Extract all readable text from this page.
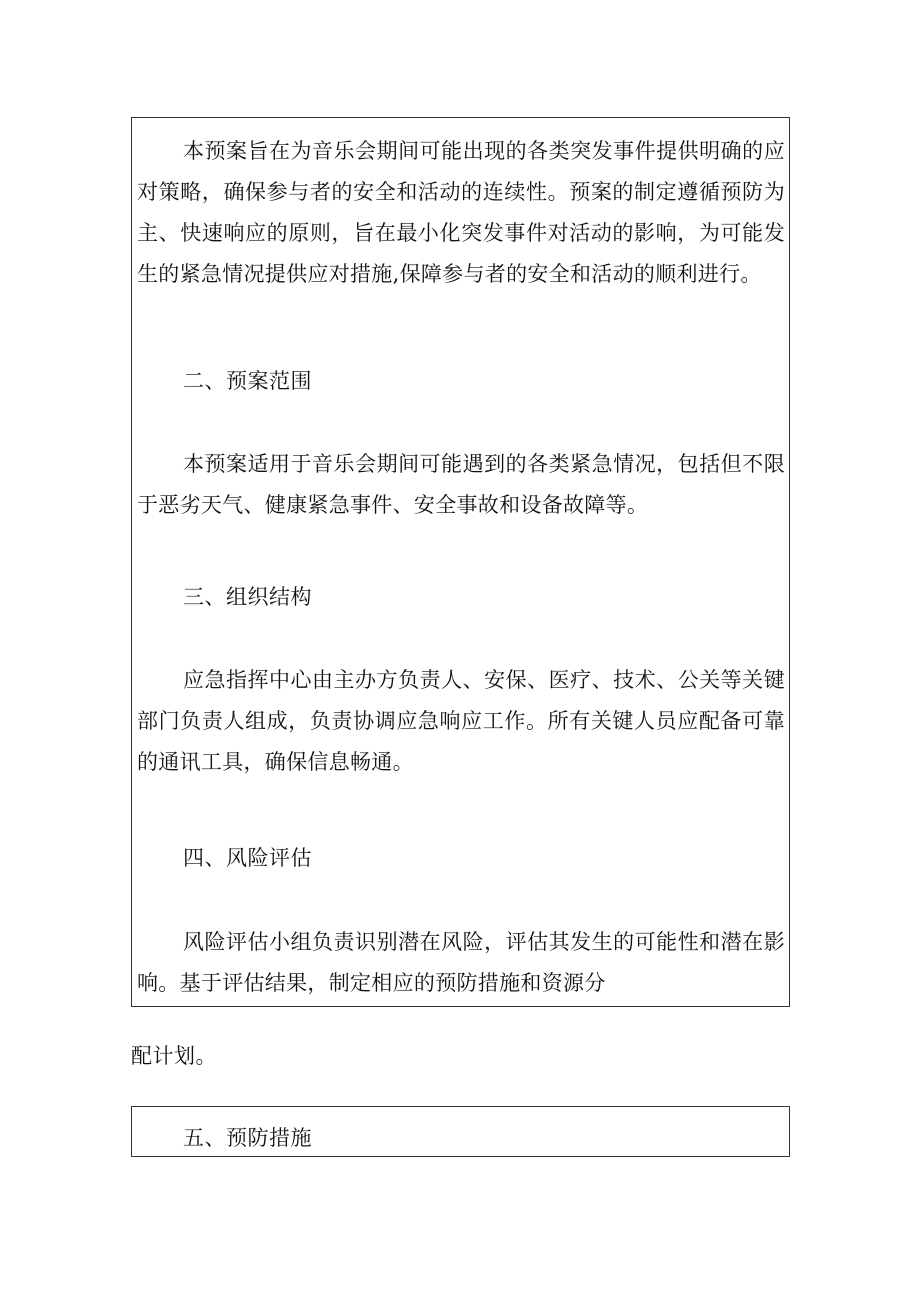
本预案旨在为音乐会期间可能出现的各类突发事件提供明确的应对策略，确保参与者的安全和活动的连续性。预案的制定遵循预防为主、快速响应的原则，旨在最小化突发事件对活动的影响，为可能发生的紧急情况提供应对措施,保障参与者的安全和活动的顺利进行。

二、预案范围

本预案适用于音乐会期间可能遇到的各类紧急情况，包括但不限于恶劣天气、健康紧急事件、安全事故和设备故障等。

三、组织结构

应急指挥中心由主办方负责人、安保、医疗、技术、公关等关键部门负责人组成，负责协调应急响应工作。所有关键人员应配备可靠的通讯工具，确保信息畅通。

四、风险评估

风险评估小组负责识别潜在风险，评估其发生的可能性和潜在影响。基于评估结果，制定相应的预防措施和资源分

配计划。

五、预防措施
